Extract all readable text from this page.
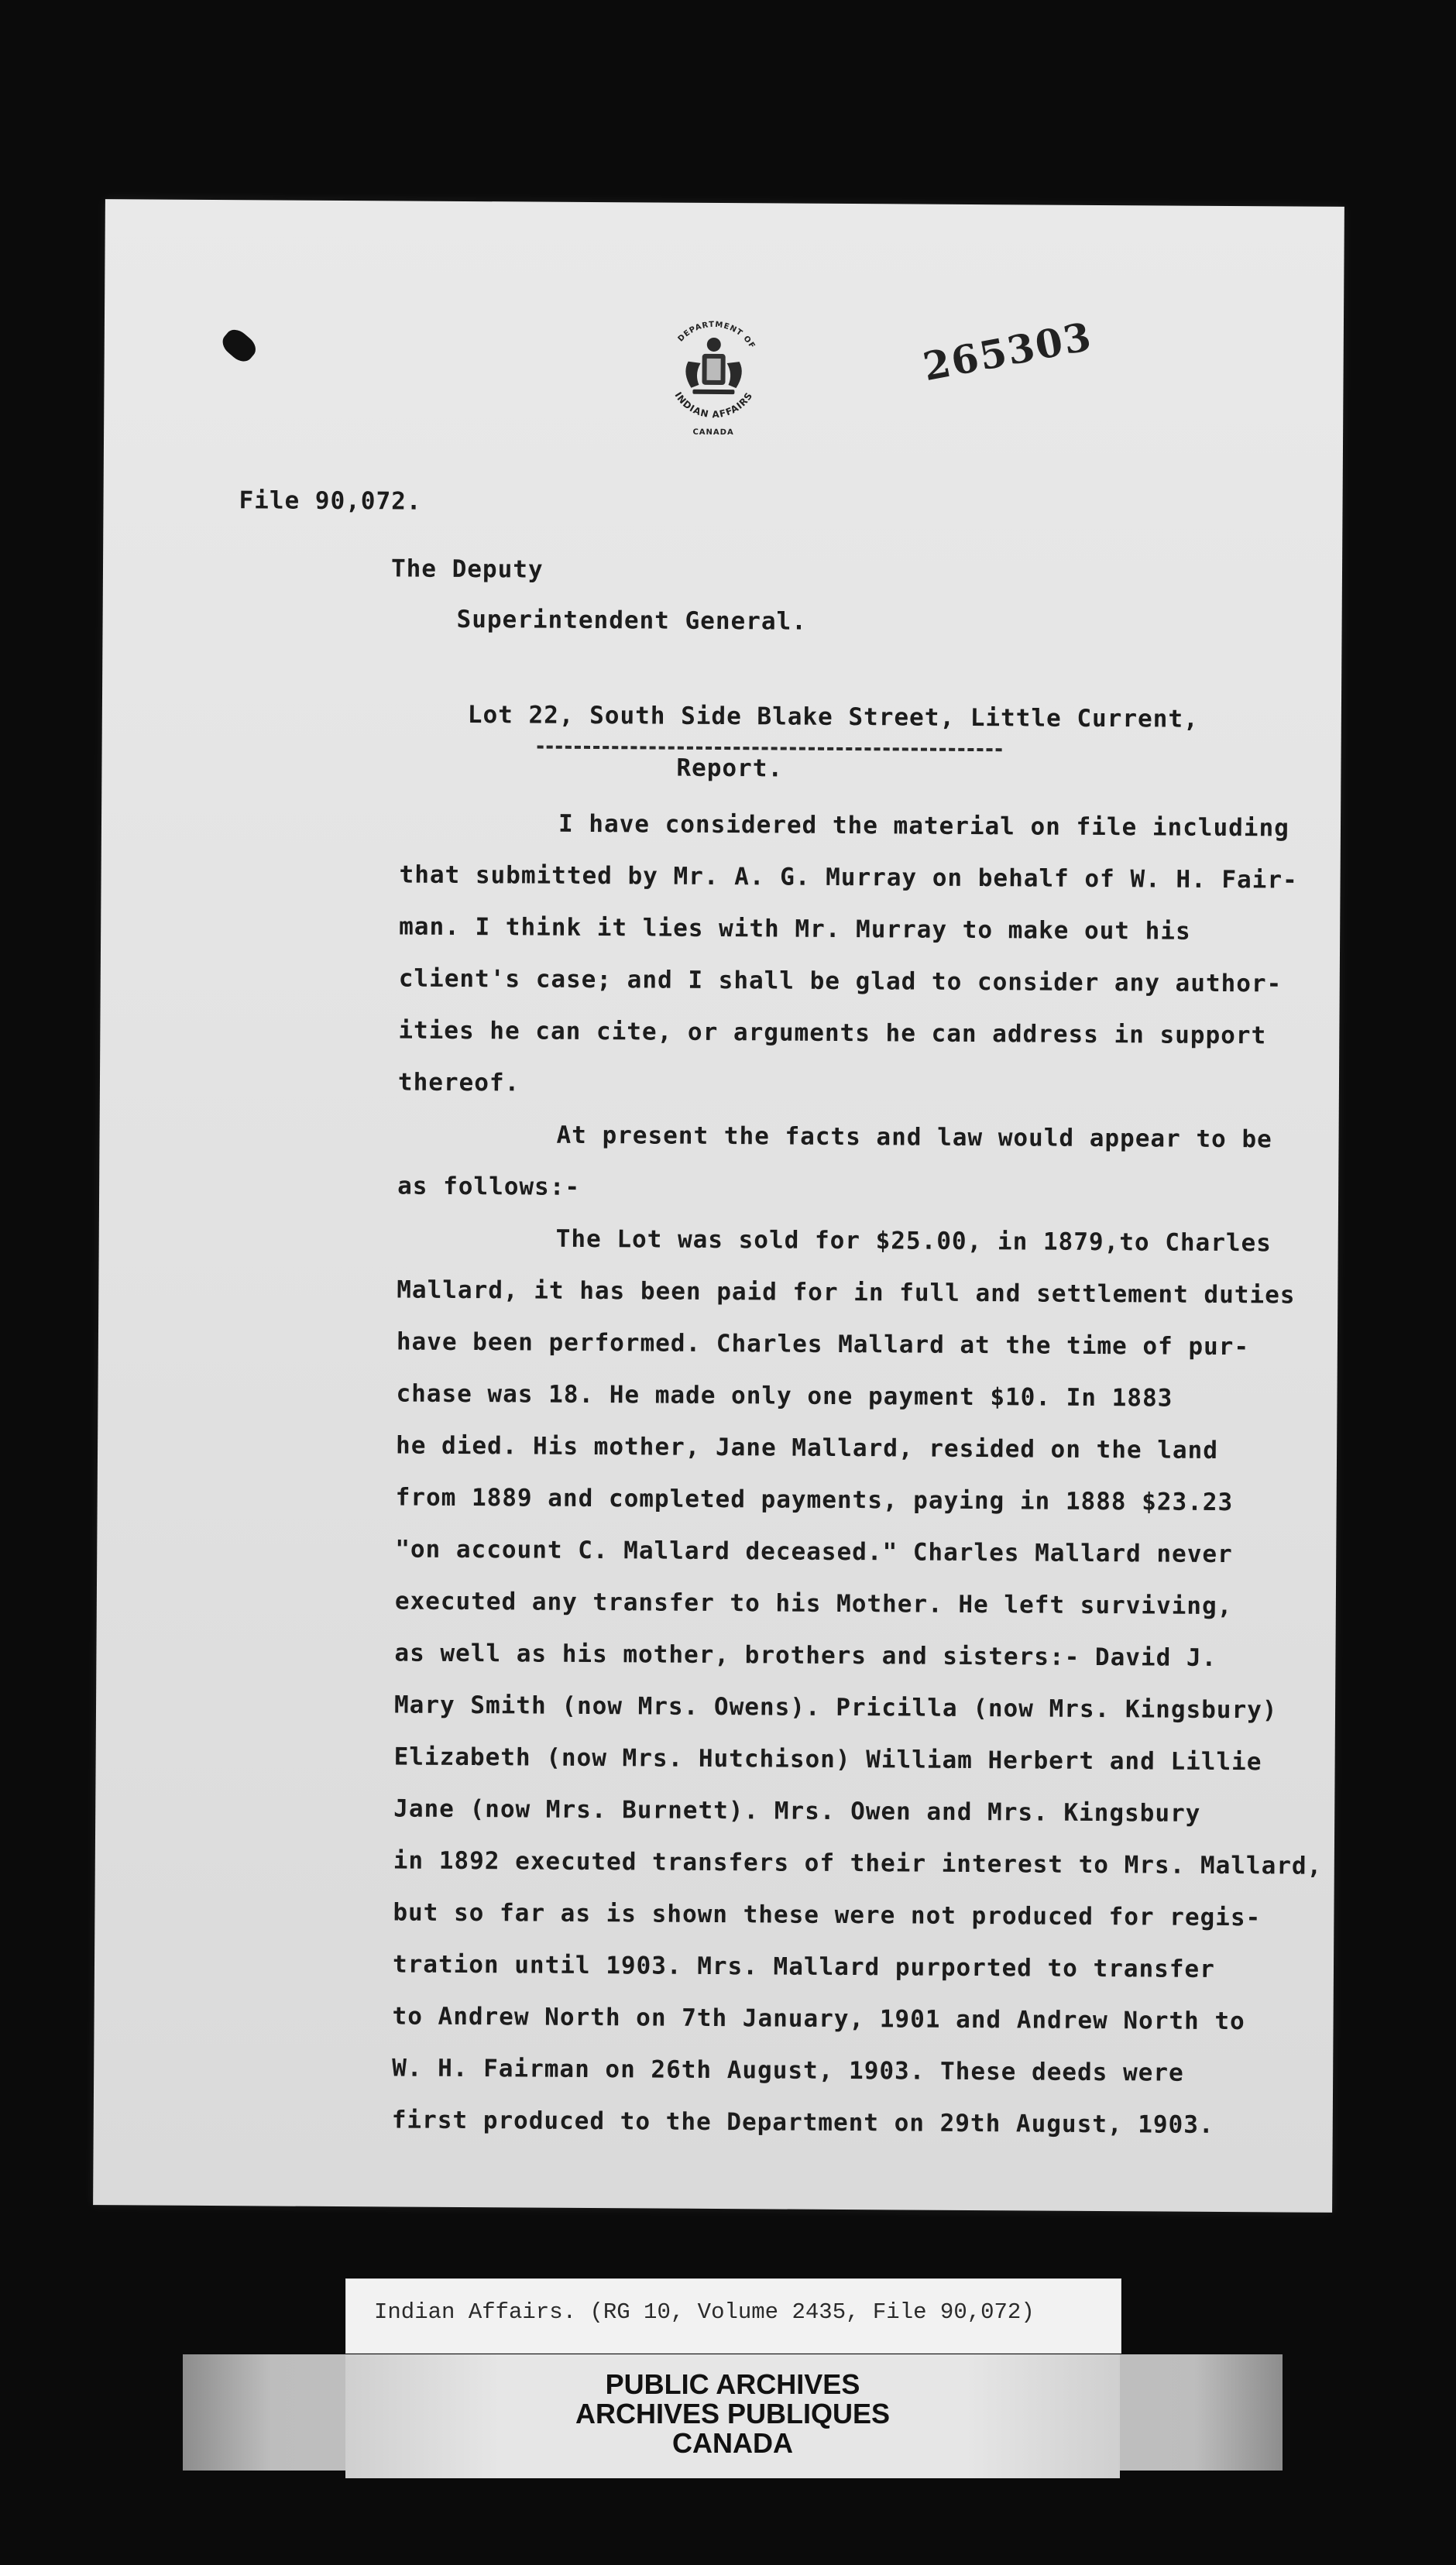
DEPARTMENT OF
INDIAN AFFAIRS
CANADA
265303
File 90,072.
The Deputy
Superintendent General.
Lot 22, South Side Blake Street, Little Current,
Report.
I have considered the material on file including
that submitted by Mr. A. G. Murray on behalf of W. H. Fair-
man. I think it lies with Mr. Murray to make out his
client's case; and I shall be glad to consider any author-
ities he can cite, or arguments he can address in support
thereof.
At present the facts and law would appear to be
as follows:-
The Lot was sold for $25.00, in 1879,to Charles
Mallard, it has been paid for in full and settlement duties
have been performed. Charles Mallard at the time of pur-
chase was 18. He made only one payment $10. In 1883
he died. His mother, Jane Mallard, resided on the land
from 1889 and completed payments, paying in 1888 $23.23
"on account C. Mallard deceased." Charles Mallard never
executed any transfer to his Mother. He left surviving,
as well as his mother, brothers and sisters:- David J.
Mary Smith (now Mrs. Owens). Pricilla (now Mrs. Kingsbury)
Elizabeth (now Mrs. Hutchison) William Herbert and Lillie
Jane (now Mrs. Burnett). Mrs. Owen and Mrs. Kingsbury
in 1892 executed transfers of their interest to Mrs. Mallard,
but so far as is shown these were not produced for regis-
tration until 1903. Mrs. Mallard purported to transfer
to Andrew North on 7th January, 1901 and Andrew North to
W. H. Fairman on 26th August, 1903. These deeds were
first produced to the Department on 29th August, 1903.
Indian Affairs. (RG 10, Volume 2435, File 90,072)
PUBLIC ARCHIVES
ARCHIVES PUBLIQUES
CANADA
